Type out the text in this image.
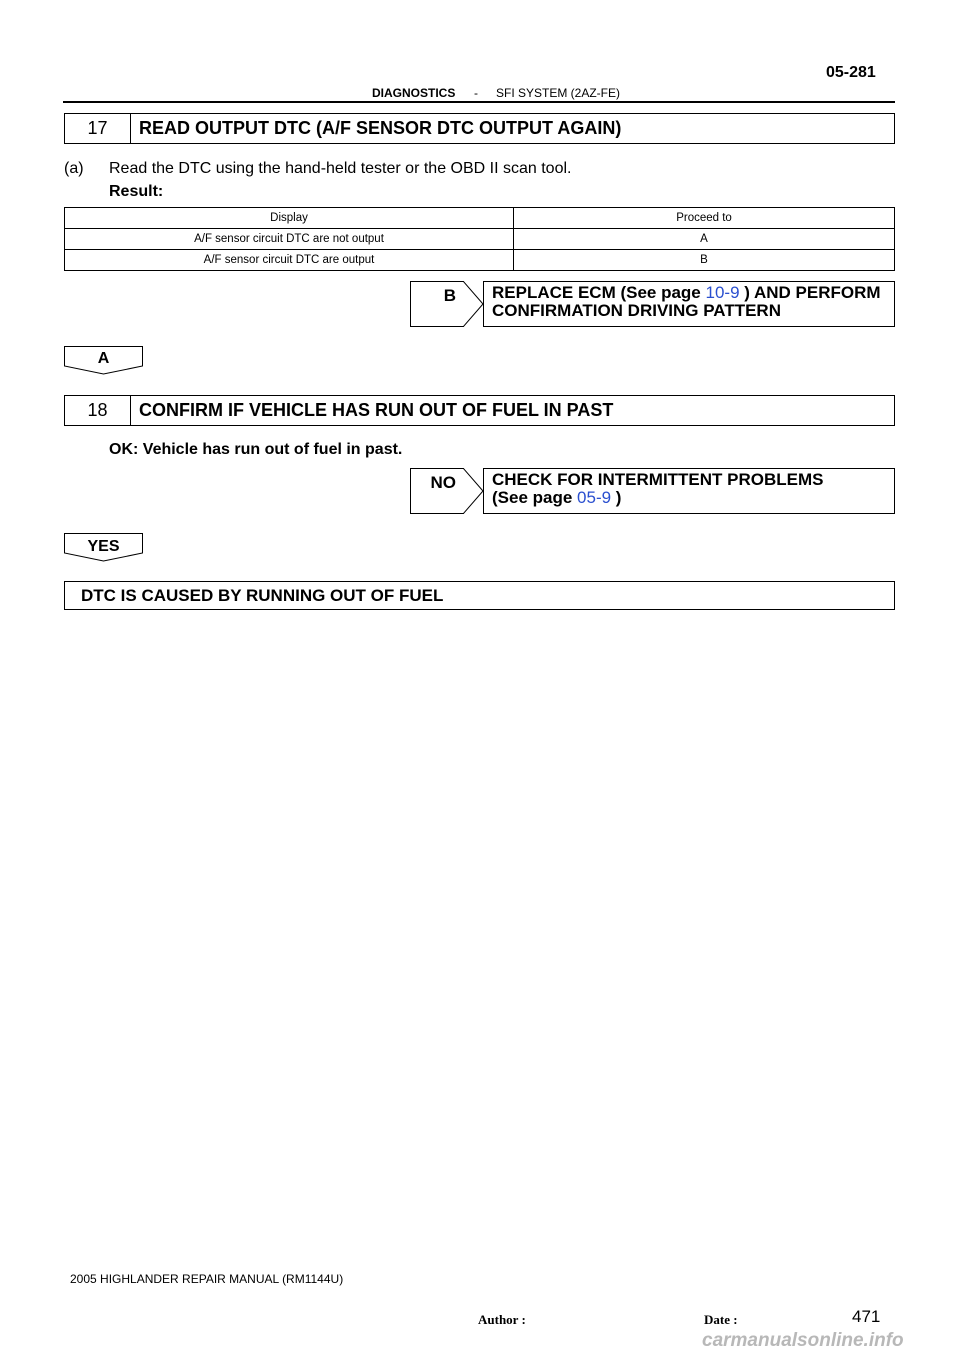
05-281
DIAGNOSTICS - SFI SYSTEM (2AZ-FE)
17	READ OUTPUT DTC (A/F SENSOR DTC OUTPUT AGAIN)
(a) Read the DTC using the hand-held tester or the OBD II scan tool.
Result:
Display	Proceed to
A/F sensor circuit DTC are not output	A
A/F sensor circuit DTC are output	B
B REPLACE ECM (See page 10-9 ) AND PERFORM
CONFIRMATION DRIVING PATTERN
A
18	CONFIRM IF VEHICLE HAS RUN OUT OF FUEL IN PAST
OK: Vehicle has run out of fuel in past.
NO CHECK FOR INTERMITTENT PROBLEMS
(See page 05-9 )
YES
DTC IS CAUSED BY RUNNING OUT OF FUEL
2005 HIGHLANDER REPAIR MANUAL (RM1144U)
Author :	Date :	471
carmanualsonline.info
